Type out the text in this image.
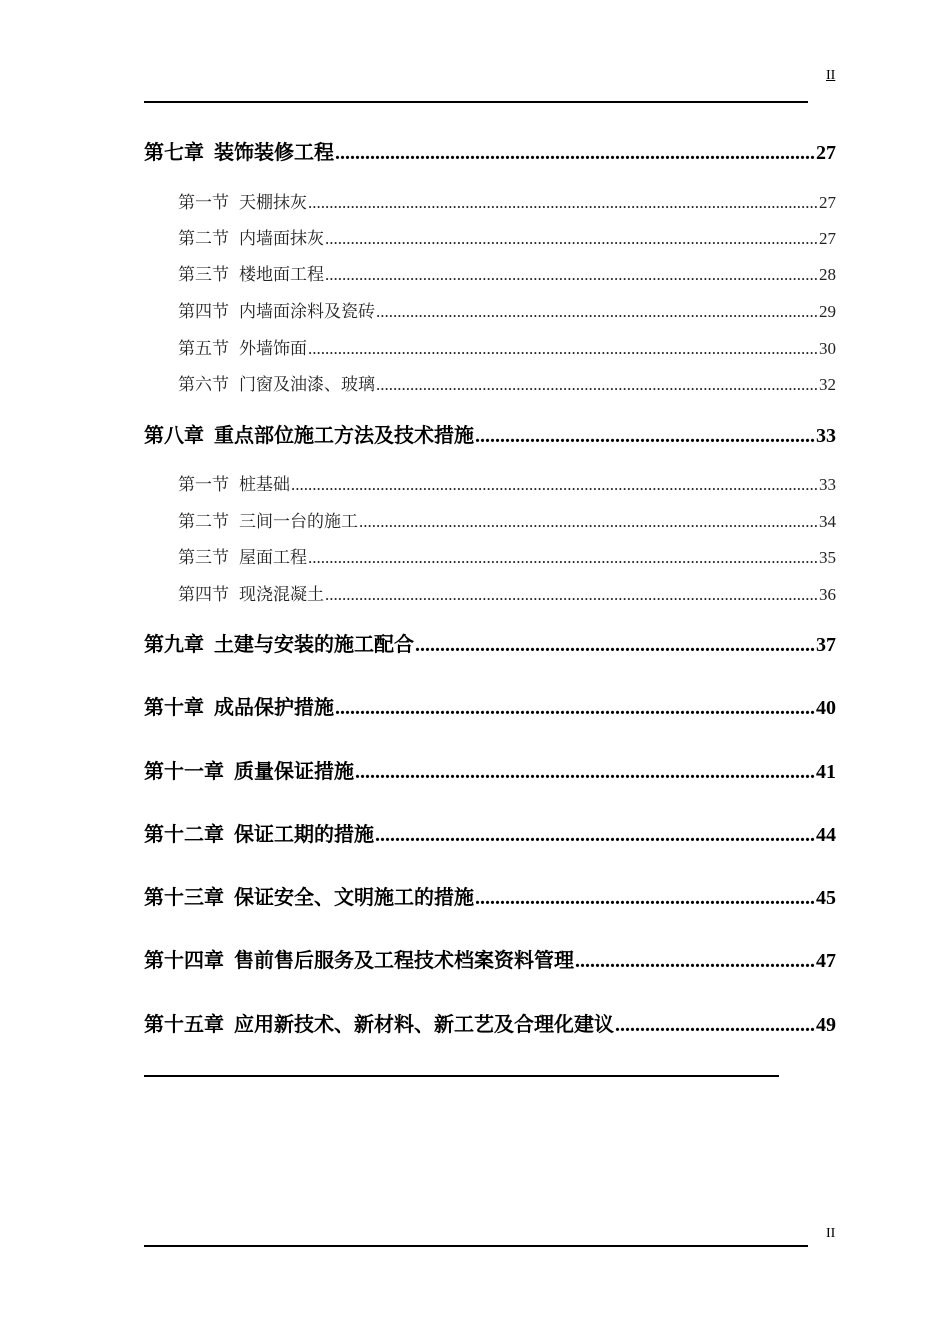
II
第七章 装饰装修工程 .....	27
第一节 天棚抹灰 .....	27
第二节 内墙面抹灰 .....	27
第三节 楼地面工程 .....	28
第四节 内墙面涂料及瓷砖 .....	29
第五节 外墙饰面 .....	30
第六节 门窗及油漆、玻璃 .....	32
第八章 重点部位施工方法及技术措施 .....	33
第一节 桩基础 .....	33
第二节 三间一台的施工 .....	34
第三节 屋面工程 .....	35
第四节 现浇混凝土 .....	36
第九章 土建与安装的施工配合 .....	37
第十章 成品保护措施 .....	40
第十一章 质量保证措施 .....	41
第十二章 保证工期的措施 .....	44
第十三章 保证安全、文明施工的措施 .....	45
第十四章 售前售后服务及工程技术档案资料管理 .....	47
第十五章 应用新技术、新材料、新工艺及合理化建议 .....	49
II
